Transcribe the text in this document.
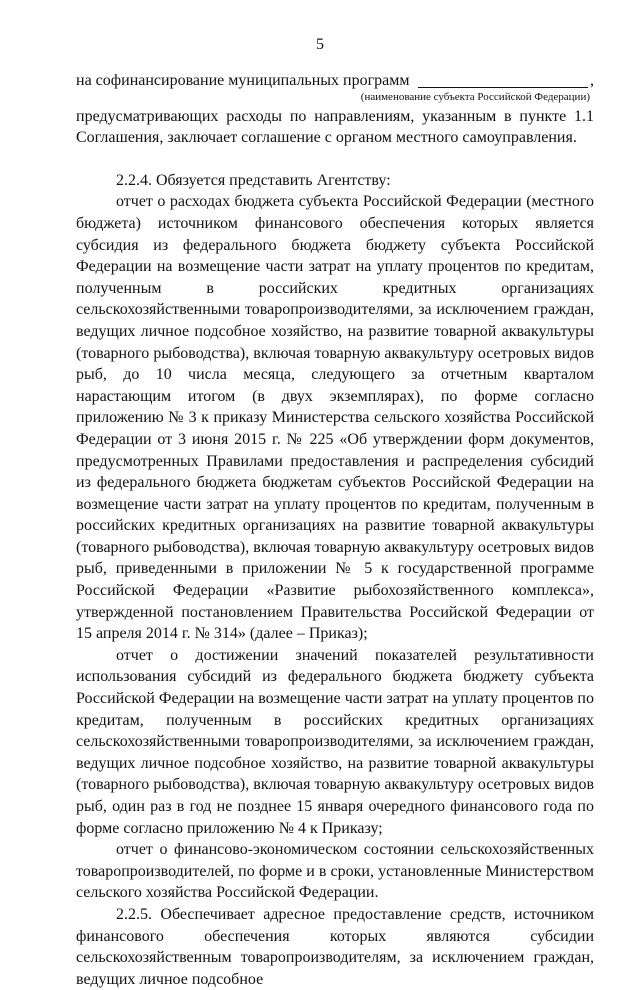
5
на софинансирование муниципальных программ	,
(наименование субъекта Российской Федерации)

предусматривающих расходы по направлениям, указанным в пункте 1.1 Соглашения, заключает соглашение с органом местного самоуправления.

2.2.4. Обязуется представить Агентству:

отчет о расходах бюджета субъекта Российской Федерации (местного бюджета) источником финансового обеспечения которых является субсидия из федерального бюджета бюджету субъекта Российской Федерации на возмещение части затрат на уплату процентов по кредитам, полученным в российских кредитных организациях сельскохозяйственными товаропроизводителями, за исключением граждан, ведущих личное подсобное хозяйство, на развитие товарной аквакультуры (товарного рыбоводства), включая товарную аквакультуру осетровых видов рыб, до 10 числа месяца, следующего за отчетным кварталом нарастающим итогом (в двух экземплярах), по форме согласно приложению № 3 к приказу Министерства сельского хозяйства Российской Федерации от 3 июня 2015 г. № 225 «Об утверждении форм документов, предусмотренных Правилами предоставления и распределения субсидий из федерального бюджета бюджетам субъектов Российской Федерации на возмещение части затрат на уплату процентов по кредитам, полученным в российских кредитных организациях на развитие товарной аквакультуры (товарного рыбоводства), включая товарную аквакультуру осетровых видов рыб, приведенными в приложении № 5 к государственной программе Российской Федерации «Развитие рыбохозяйственного комплекса», утвержденной постановлением Правительства Российской Федерации от 15 апреля 2014 г. № 314» (далее – Приказ);

отчет о достижении значений показателей результативности использования субсидий из федерального бюджета бюджету субъекта Российской Федерации на возмещение части затрат на уплату процентов по кредитам, полученным в российских кредитных организациях сельскохозяйственными товаропроизводителями, за исключением граждан, ведущих личное подсобное хозяйство, на развитие товарной аквакультуры (товарного рыбоводства), включая товарную аквакультуру осетровых видов рыб, один раз в год не позднее 15 января очередного финансового года по форме согласно приложению № 4 к Приказу;

отчет о финансово-экономическом состоянии сельскохозяйственных товаропроизводителей, по форме и в сроки, установленные Министерством сельского хозяйства Российской Федерации.

2.2.5. Обеспечивает адресное предоставление средств, источником финансового обеспечения которых являются субсидии сельскохозяйственным товаропроизводителям, за исключением граждан, ведущих личное подсобное
